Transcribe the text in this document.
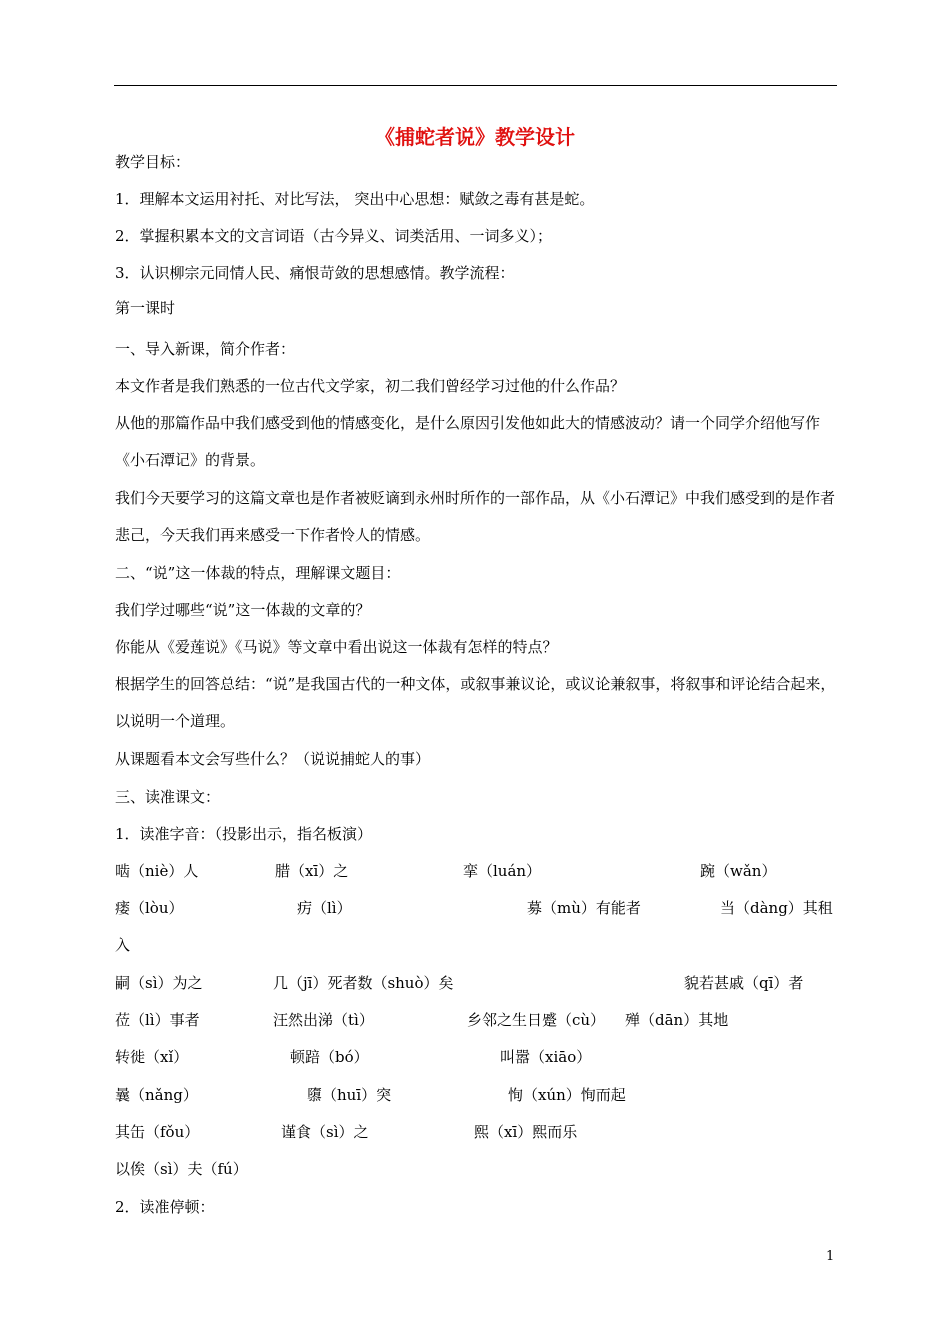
《捕蛇者说》教学设计
教学目标：
1．理解本文运用衬托、对比写法， 突出中心思想：赋敛之毒有甚是蛇。
2．掌握积累本文的文言词语（古今异义、词类活用、一词多义）；
3．认识柳宗元同情人民、痛恨苛敛的思想感情。教学流程：
第一课时
一、导入新课，简介作者：
本文作者是我们熟悉的一位古代文学家，初二我们曾经学习过他的什么作品？
从他的那篇作品中我们感受到他的情感变化，是什么原因引发他如此大的情感波动？请一个同学介绍他写作《小石潭记》的背景。
我们今天要学习的这篇文章也是作者被贬谪到永州时所作的一部作品，从《小石潭记》中我们感受到的是作者悲己，今天我们再来感受一下作者怜人的情感。
二、“说”这一体裁的特点，理解课文题目：
我们学过哪些“说”这一体裁的文章的？
你能从《爱莲说》《马说》等文章中看出说这一体裁有怎样的特点？
根据学生的回答总结：“说”是我国古代的一种文体，或叙事兼议论，或议论兼叙事，将叙事和评论结合起来，以说明一个道理。
从课题看本文会写些什么？（说说捕蛇人的事）
三、读准课文：
1．读准字音：（投影出示，指名板演）
啮（niè）人	腊（xī）之	挛（luán）	踠（wǎn）
瘘（lòu）	疠（lì）	募（mù）有能者	当（dàng）其租
入
嗣（sì）为之	几（jī）死者数（shuò）矣	貌若甚戚（qī）者
莅（lì）事者	汪然出涕（tì）	乡邻之生日蹙（cù） 殚（dān）其地
转徙（xǐ）	顿踣（bó）	叫嚣（xiāo）
曩（nǎng）	隳（huī）突	恂（xún）恂而起
其缶（fǒu）	谨食（sì）之	熙（xī）熙而乐
以俟（sì）夫（fú）
2．读准停顿：
1
